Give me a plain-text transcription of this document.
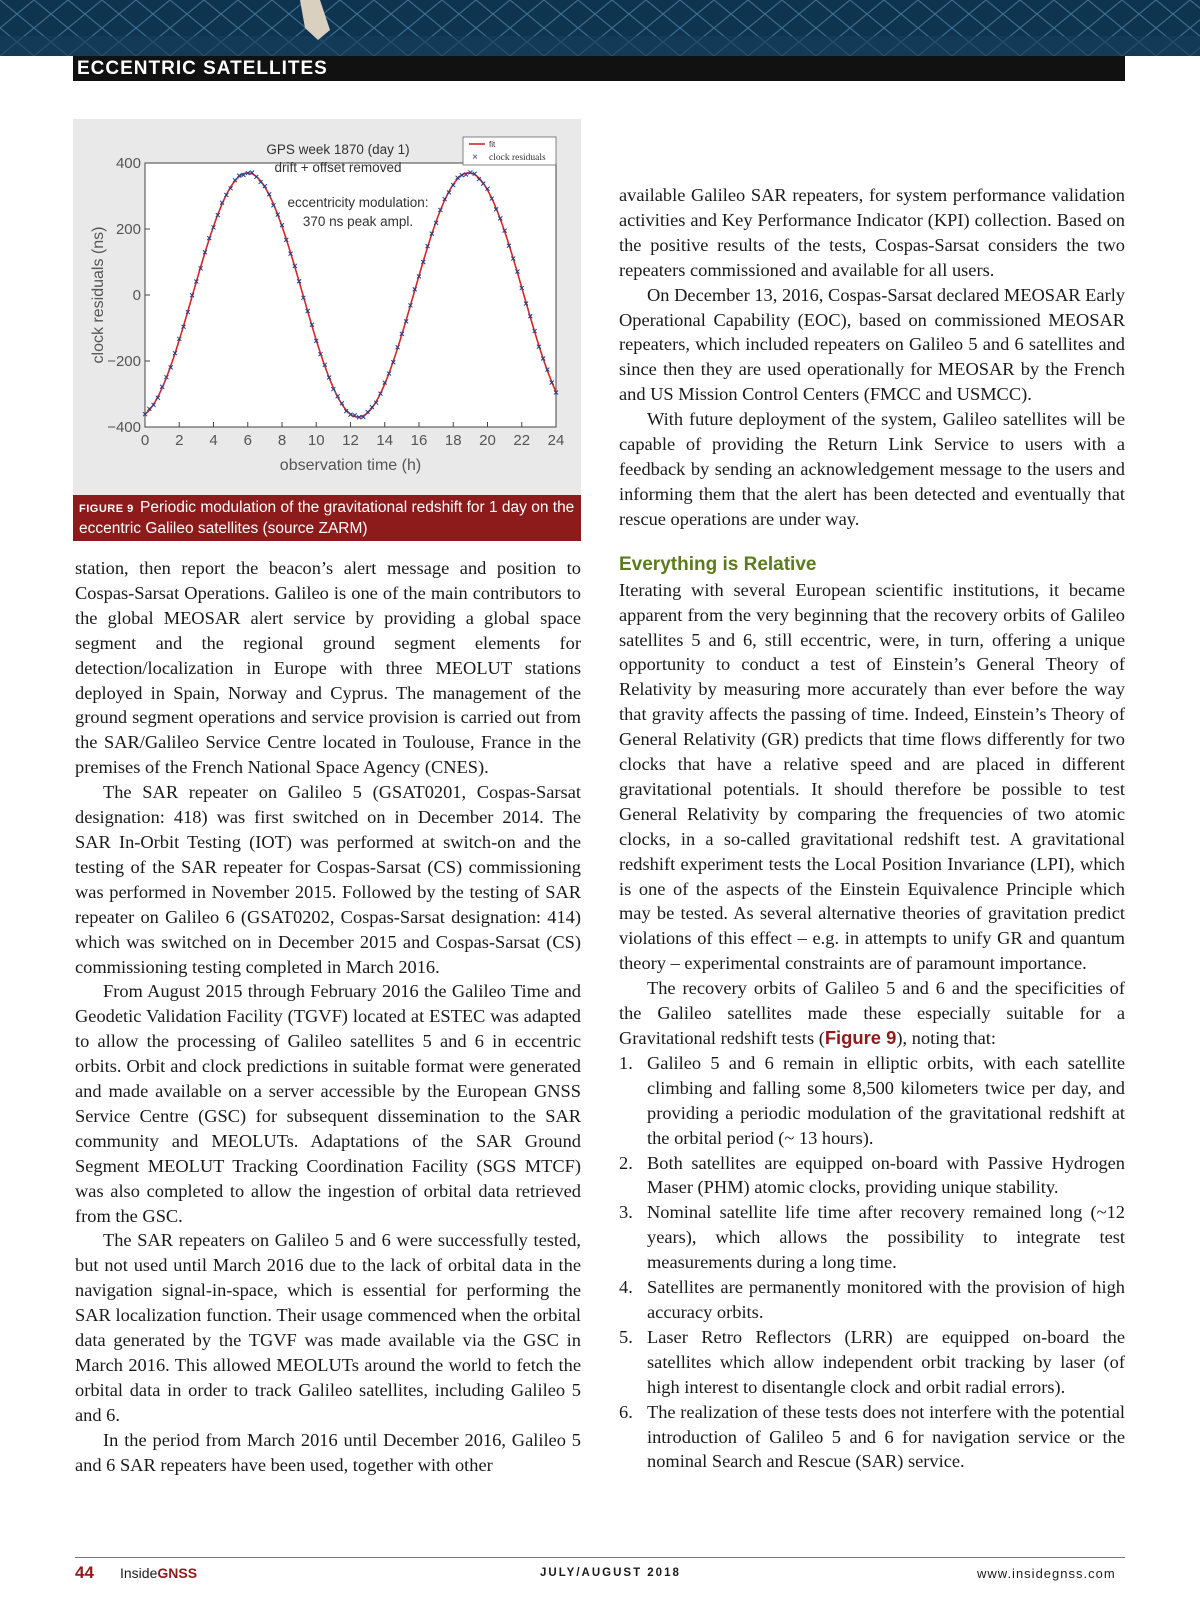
ECCENTRIC SATELLITES
400
200
0
−200
−400
0 2 4 6 8 10 12 14 16 18 20 22 24
observation time (h)
clock residuals (ns)
GPS week 1870 (day 1)
drift + offset removed
eccentricity modulation:
370 ns peak ampl.
fit
× clock residuals
FIGURE 9 Periodic modulation of the gravitational redshift for 1 day on the eccentric Galileo satellites (source ZARM)

station, then report the beacon’s alert message and position to Cospas-Sarsat Operations. Galileo is one of the main contributors to the global MEOSAR alert service by providing a global space segment and the regional ground segment elements for detection/localization in Europe with three MEOLUT stations deployed in Spain, Norway and Cyprus. The management of the ground segment operations and service provision is carried out from the SAR/Galileo Service Centre located in Toulouse, France in the premises of the French National Space Agency (CNES).

The SAR repeater on Galileo 5 (GSAT0201, Cospas-Sarsat designation: 418) was first switched on in December 2014. The SAR In-Orbit Testing (IOT) was performed at switch-on and the testing of the SAR repeater for Cospas-Sarsat (CS) commissioning was performed in November 2015. Followed by the testing of SAR repeater on Galileo 6 (GSAT0202, Cospas-Sarsat designation: 414) which was switched on in December 2015 and Cospas-Sarsat (CS) commissioning testing completed in March 2016.

From August 2015 through February 2016 the Galileo Time and Geodetic Validation Facility (TGVF) located at ESTEC was adapted to allow the processing of Galileo satellites 5 and 6 in eccentric orbits. Orbit and clock predictions in suitable format were generated and made available on a server accessible by the European GNSS Service Centre (GSC) for subsequent dissemination to the SAR community and MEOLUTs. Adaptations of the SAR Ground Segment MEOLUT Tracking Coordination Facility (SGS MTCF) was also completed to allow the ingestion of orbital data retrieved from the GSC.

The SAR repeaters on Galileo 5 and 6 were successfully tested, but not used until March 2016 due to the lack of orbital data in the navigation signal-in-space, which is essential for performing the SAR localization function. Their usage commenced when the orbital data generated by the TGVF was made available via the GSC in March 2016. This allowed MEOLUTs around the world to fetch the orbital data in order to track Galileo satellites, including Galileo 5 and 6.

In the period from March 2016 until December 2016, Galileo 5 and 6 SAR repeaters have been used, together with other

available Galileo SAR repeaters, for system performance validation activities and Key Performance Indicator (KPI) collection. Based on the positive results of the tests, Cospas-Sarsat considers the two repeaters commissioned and available for all users.

On December 13, 2016, Cospas-Sarsat declared MEOSAR Early Operational Capability (EOC), based on commissioned MEOSAR repeaters, which included repeaters on Galileo 5 and 6 satellites and since then they are used operationally for MEOSAR by the French and US Mission Control Centers (FMCC and USMCC).

With future deployment of the system, Galileo satellites will be capable of providing the Return Link Service to users with a feedback by sending an acknowledgement message to the users and informing them that the alert has been detected and eventually that rescue operations are under way.

Everything is Relative

Iterating with several European scientific institutions, it became apparent from the very beginning that the recovery orbits of Galileo satellites 5 and 6, still eccentric, were, in turn, offering a unique opportunity to conduct a test of Einstein’s General Theory of Relativity by measuring more accurately than ever before the way that gravity affects the passing of time. Indeed, Einstein’s Theory of General Relativity (GR) predicts that time flows differently for two clocks that have a relative speed and are placed in different gravitational potentials. It should therefore be possible to test General Relativity by comparing the frequencies of two atomic clocks, in a so-called gravitational redshift test. A gravitational redshift experiment tests the Local Position Invariance (LPI), which is one of the aspects of the Einstein Equivalence Principle which may be tested. As several alternative theories of gravitation predict violations of this effect – e.g. in attempts to unify GR and quantum theory – experimental constraints are of paramount importance.

The recovery orbits of Galileo 5 and 6 and the specificities of the Galileo satellites made these especially suitable for a Gravitational redshift tests (Figure 9), noting that:

1. Galileo 5 and 6 remain in elliptic orbits, with each satellite climbing and falling some 8,500 kilometers twice per day, and providing a periodic modulation of the gravitational redshift at the orbital period (~ 13 hours).
2. Both satellites are equipped on-board with Passive Hydrogen Maser (PHM) atomic clocks, providing unique stability.
3. Nominal satellite life time after recovery remained long (~12 years), which allows the possibility to integrate test measurements during a long time.
4. Satellites are permanently monitored with the provision of high accuracy orbits.
5. Laser Retro Reflectors (LRR) are equipped on-board the satellites which allow independent orbit tracking by laser (of high interest to disentangle clock and orbit radial errors).
6. The realization of these tests does not interfere with the potential introduction of Galileo 5 and 6 for navigation service or the nominal Search and Rescue (SAR) service.
44 InsideGNSS	JULY/AUGUST 2018	www.insidegnss.com
